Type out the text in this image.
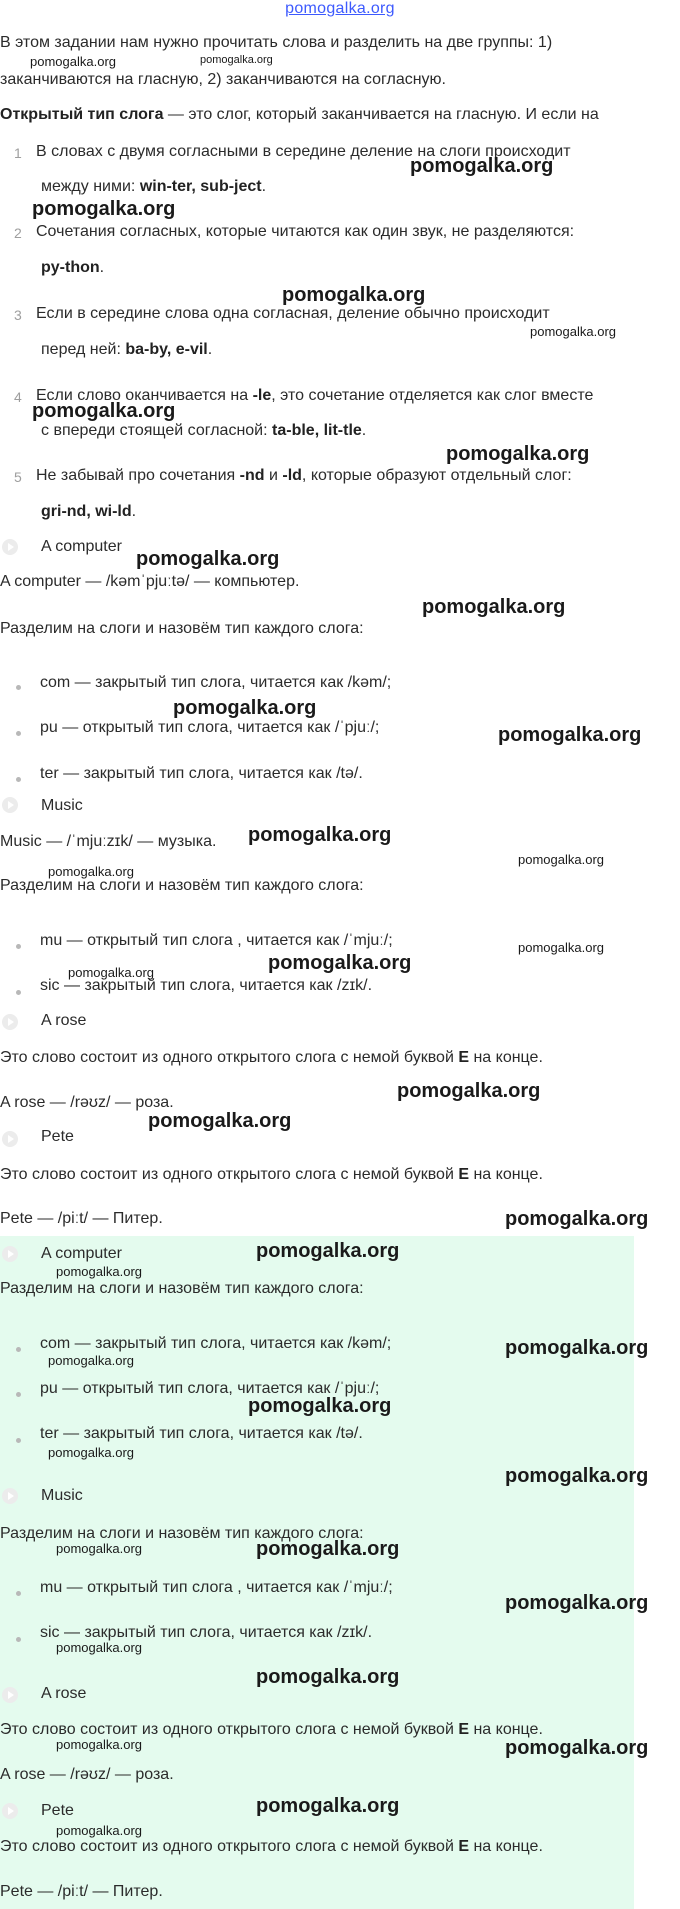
pomogalka.org
В этом задании нам нужно прочитать слова и разделить на две группы: 1)
заканчиваются на гласную, 2) заканчиваются на согласную.
Открытый тип слога — это слог, который заканчивается на гласную. И если на
1 В словах с двумя согласными в середине деление на слоги происходит
между ними: win-ter, sub-ject.
2 Сочетания согласных, которые читаются как один звук, не разделяются:
py-thon.
3 Если в середине слова одна согласная, деление обычно происходит
перед ней: ba-by, e-vil.
4 Если слово оканчивается на -le, это сочетание отделяется как слог вместе
с впереди стоящей согласной: ta-ble, lit-tle.
5 Не забывай про сочетания -nd и -ld, которые образуют отдельный слог:
gri-nd, wi-ld.
A computer
A computer — /kəmˈpjuːtə/ — компьютер.
Разделим на слоги и назовём тип каждого слога:
com — закрытый тип слога, читается как /kəm/;
pu — открытый тип слога, читается как /ˈpjuː/;
ter — закрытый тип слога, читается как /tə/.
Music
Music — /ˈmjuːzɪk/ — музыка.
Разделим на слоги и назовём тип каждого слога:
mu — открытый тип слога , читается как /ˈmjuː/;
sic — закрытый тип слога, читается как /zɪk/.
A rose
Это слово состоит из одного открытого слога с немой буквой E на конце.
A rose — /rəʊz/ — роза.
Pete
Это слово состоит из одного открытого слога с немой буквой E на конце.
Pete — /piːt/ — Питер.
A computer
Разделим на слоги и назовём тип каждого слога:
com — закрытый тип слога, читается как /kəm/;
pu — открытый тип слога, читается как /ˈpjuː/;
ter — закрытый тип слога, читается как /tə/.
Music
Разделим на слоги и назовём тип каждого слога:
mu — открытый тип слога , читается как /ˈmjuː/;
sic — закрытый тип слога, читается как /zɪk/.
A rose
Это слово состоит из одного открытого слога с немой буквой E на конце.
A rose — /rəʊz/ — роза.
Pete
Это слово состоит из одного открытого слога с немой буквой E на конце.
Pete — /piːt/ — Питер.
pomogalka.org	pomogalka.org
pomogalka.org
pomogalka.org
pomogalka.org
pomogalka.org
pomogalka.org
pomogalka.org
pomogalka.org
pomogalka.org
pomogalka.org
pomogalka.org
pomogalka.org
pomogalka.org
pomogalka.org
pomogalka.org
pomogalka.org
pomogalka.org
pomogalka.org
pomogalka.org
pomogalka.org
pomogalka.org
pomogalka.org
pomogalka.org
pomogalka.org
pomogalka.org
pomogalka.org
pomogalka.org
pomogalka.org
pomogalka.org
pomogalka.org
pomogalka.org
pomogalka.org
pomogalka.org	pomogalka.org
pomogalka.org
pomogalka.org
